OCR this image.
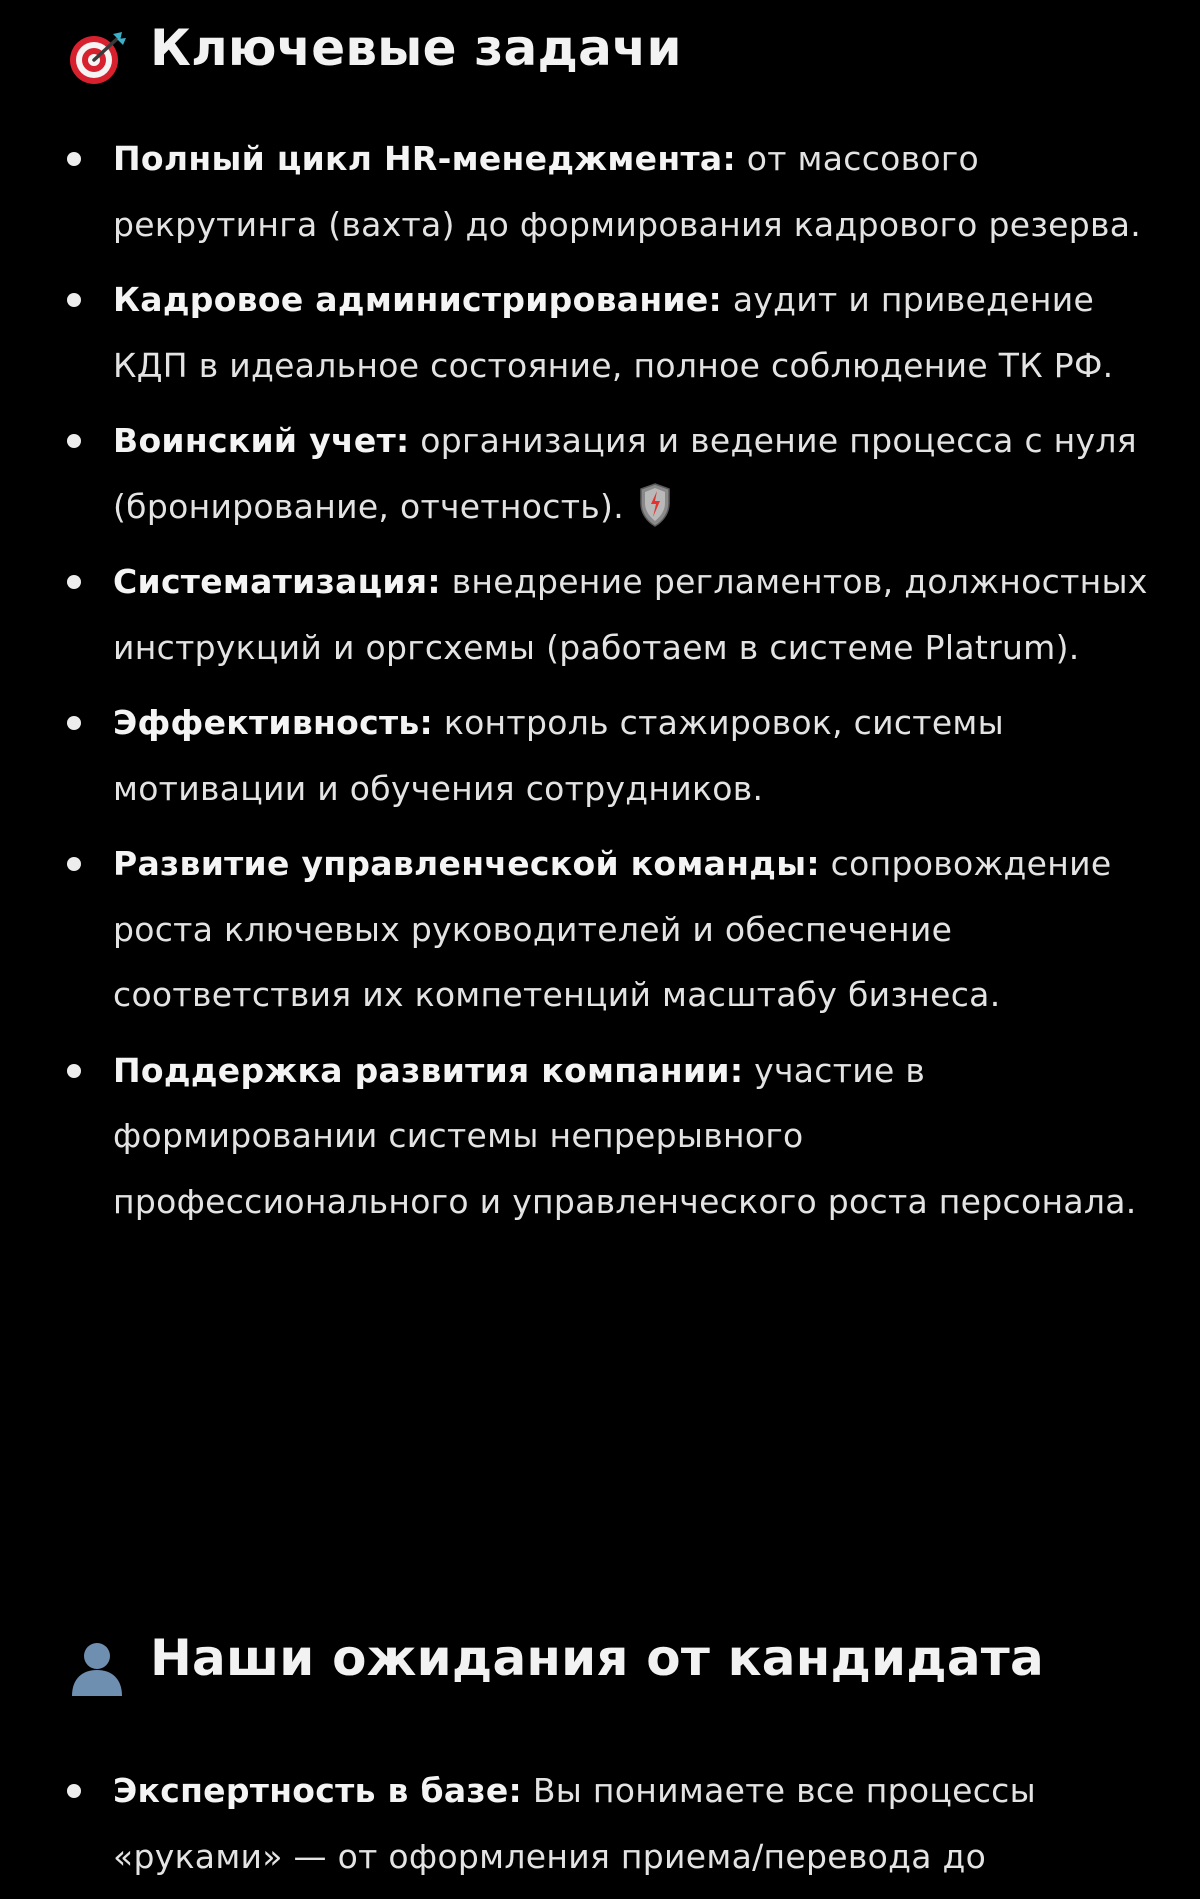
Ключевые задачи
Полный цикл HR-менеджмента: от массового рекрутинга (вахта) до формирования кадрового резерва.
Кадровое администрирование: аудит и приведение КДП в идеальное состояние, полное соблюдение ТК РФ.
Воинский учет: организация и ведение процесса с нуля (бронирование, отчетность).
Систематизация: внедрение регламентов, должностных инструкций и оргсхемы (работаем в системе Platrum).
Эффективность: контроль стажировок, системы мотивации и обучения сотрудников.
Развитие управленческой команды: сопровождение роста ключевых руководителей и обеспечение соответствия их компетенций масштабу бизнеса.
Поддержка развития компании: участие в формировании системы непрерывного профессионального и управленческого роста персонала.
Наши ожидания от кандидата
Экспертность в базе: Вы понимаете все процессы «руками» — от оформления приема/перевода до
